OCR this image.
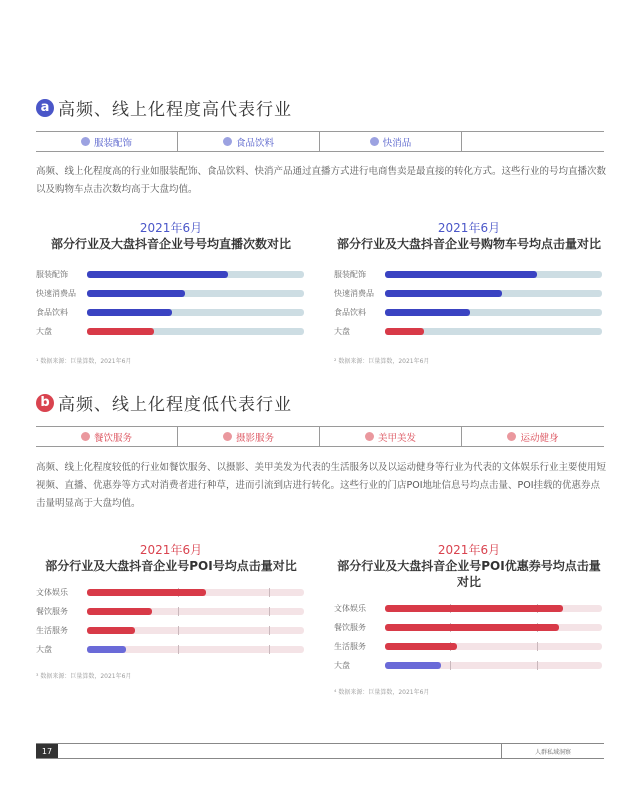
a 高频、线上化程度高代表行业
服装配饰	食品饮料	快消品

高频、线上化程度高的行业如服装配饰、食品饮料、快消产品通过直播方式进行电商售卖是最直接的转化方式。这些行业的号均直播次数以及购物车点击次数均高于大盘均值。

2021年6月
部分行业及大盘抖音企业号号均直播次数对比
服装配饰
快速消费品
食品饮料
大盘
¹ 数据来源：巨量算数，2021年6月
2021年6月
部分行业及大盘抖音企业号购物车号均点击量对比
服装配饰
快速消费品
食品饮料
大盘
² 数据来源：巨量算数，2021年6月
b 高频、线上化程度低代表行业
餐饮服务	摄影服务	美甲美发	运动健身

高频、线上化程度较低的行业如餐饮服务、以摄影、美甲美发为代表的生活服务以及以运动健身等行业为代表的文体娱乐行业主要使用短视频、直播、优惠券等方式对消费者进行种草，进而引流到店进行转化。这些行业的门店POI地址信息号均点击量、POI挂载的优惠券点击量明显高于大盘均值。

2021年6月
部分行业及大盘抖音企业号POI号均点击量对比
文体娱乐
餐饮服务
生活服务
大盘
³ 数据来源：巨量算数，2021年6月
2021年6月
部分行业及大盘抖音企业号POI优惠券号均点击量对比
文体娱乐
餐饮服务
生活服务
大盘
⁴ 数据来源：巨量算数，2021年6月
17	人群私域洞察
